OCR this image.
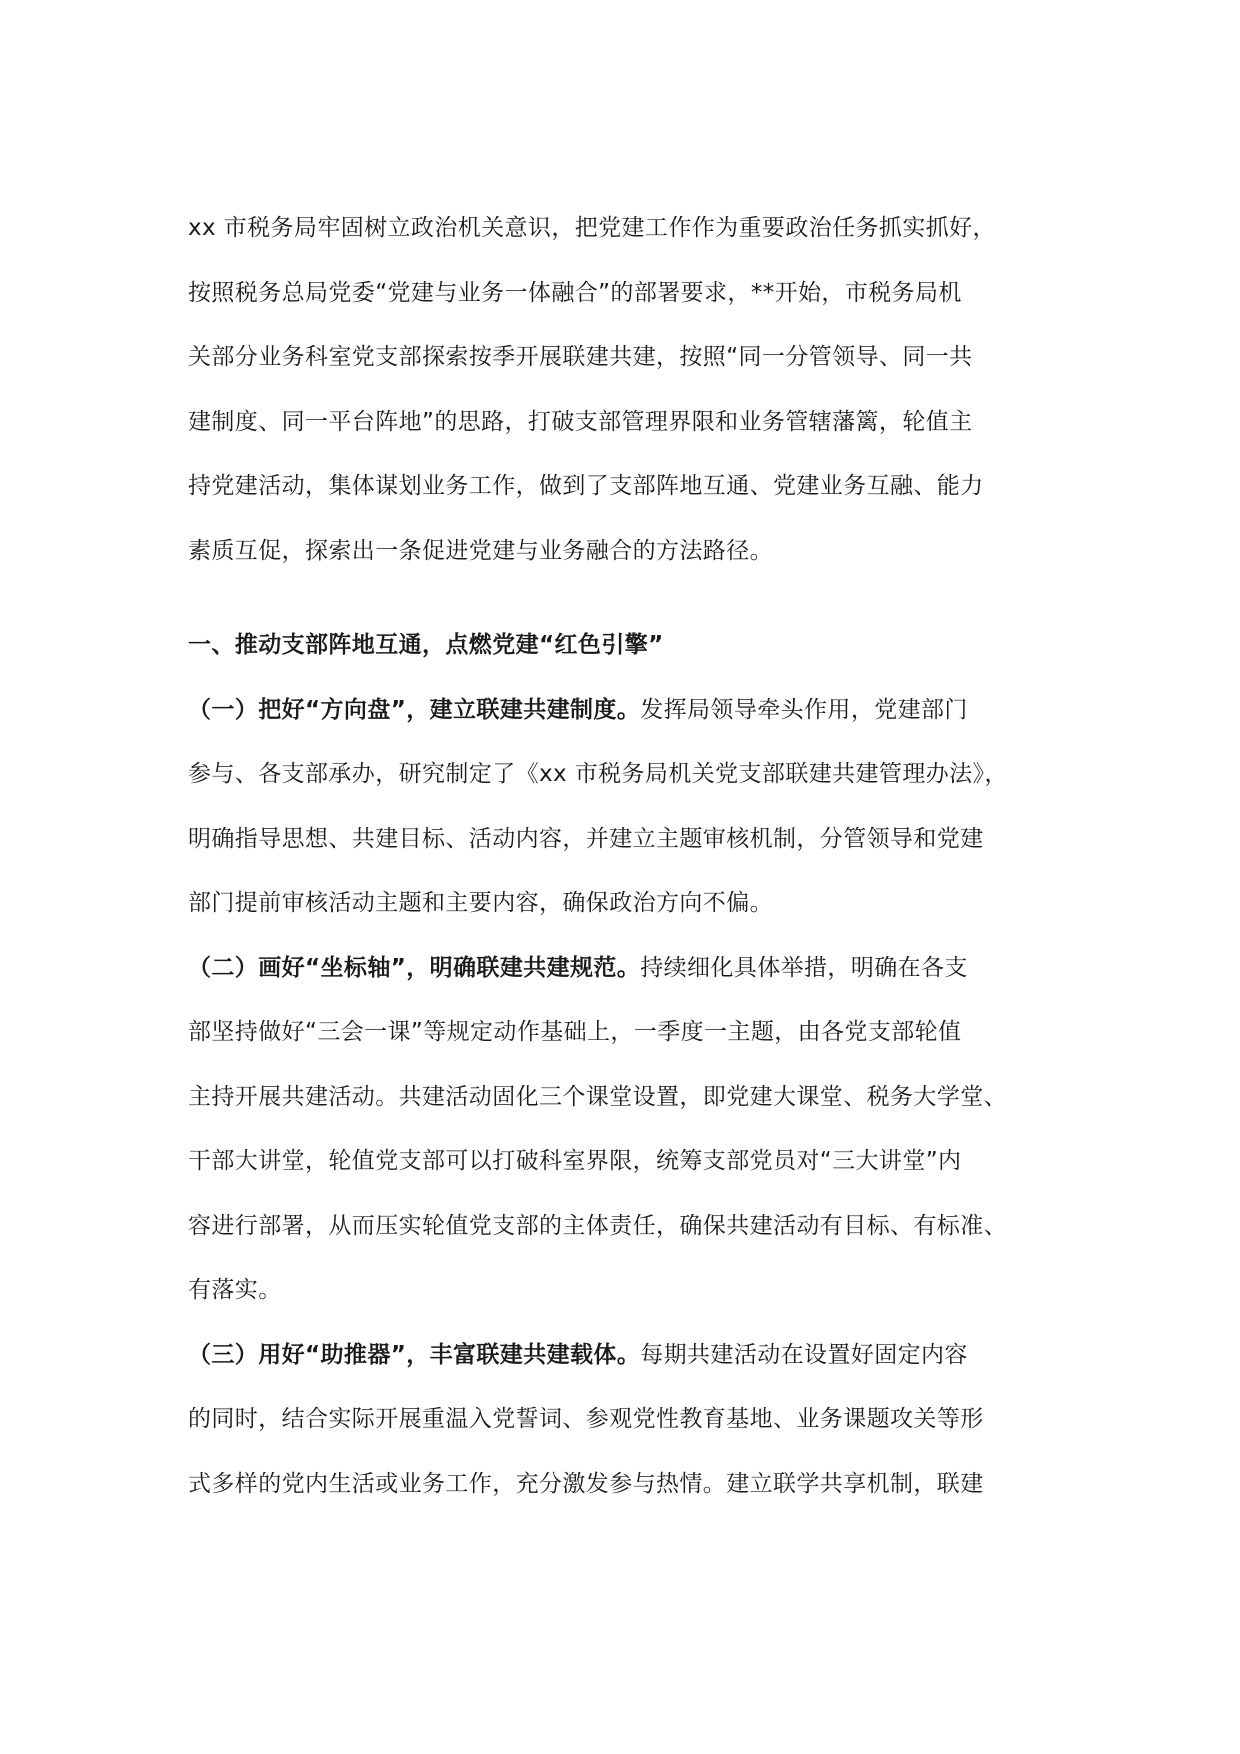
xx 市税务局牢固树立政治机关意识，把党建工作作为重要政治任务抓实抓好，
按照税务总局党委“党建与业务一体融合”的部署要求，**开始，市税务局机
关部分业务科室党支部探索按季开展联建共建，按照“同一分管领导、同一共
建制度、同一平台阵地”的思路，打破支部管理界限和业务管辖藩篱，轮值主
持党建活动，集体谋划业务工作，做到了支部阵地互通、党建业务互融、能力
素质互促，探索出一条促进党建与业务融合的方法路径。
一、推动支部阵地互通，点燃党建“红色引擎”
（一）把好“方向盘”，建立联建共建制度。发挥局领导牵头作用，党建部门
参与、各支部承办，研究制定了《xx 市税务局机关党支部联建共建管理办法》，
明确指导思想、共建目标、活动内容，并建立主题审核机制，分管领导和党建
部门提前审核活动主题和主要内容，确保政治方向不偏。
（二）画好“坐标轴”，明确联建共建规范。持续细化具体举措，明确在各支
部坚持做好“三会一课”等规定动作基础上，一季度一主题，由各党支部轮值
主持开展共建活动。共建活动固化三个课堂设置，即党建大课堂、税务大学堂、
干部大讲堂，轮值党支部可以打破科室界限，统筹支部党员对“三大讲堂”内
容进行部署，从而压实轮值党支部的主体责任，确保共建活动有目标、有标准、
有落实。
（三）用好“助推器”，丰富联建共建载体。每期共建活动在设置好固定内容
的同时，结合实际开展重温入党誓词、参观党性教育基地、业务课题攻关等形
式多样的党内生活或业务工作，充分激发参与热情。建立联学共享机制，联建
